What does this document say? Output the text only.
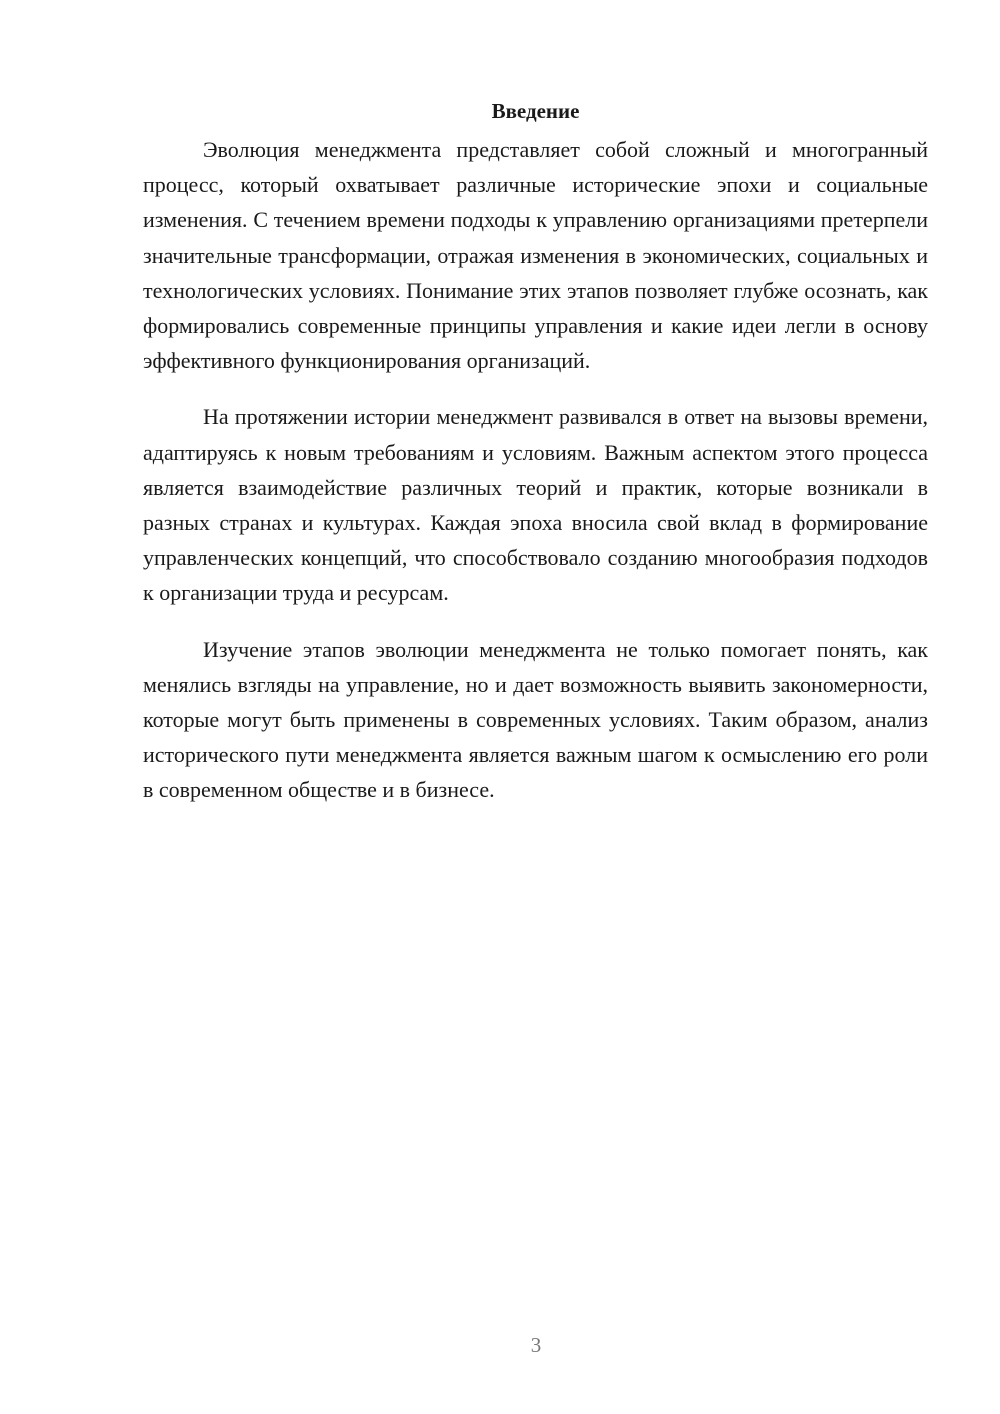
Введение

Эволюция менеджмента представляет собой сложный и многогранный процесс, который охватывает различные исторические эпохи и социальные изменения. С течением времени подходы к управлению организациями претерпели значительные трансформации, отражая изменения в экономических, социальных и технологических условиях. Понимание этих этапов позволяет глубже осознать, как формировались современные принципы управления и какие идеи легли в основу эффективного функционирования организаций.

На протяжении истории менеджмент развивался в ответ на вызовы времени, адаптируясь к новым требованиям и условиям. Важным аспектом этого процесса является взаимодействие различных теорий и практик, которые возникали в разных странах и культурах. Каждая эпоха вносила свой вклад в формирование управленческих концепций, что способствовало созданию многообразия подходов к организации труда и ресурсам.

Изучение этапов эволюции менеджмента не только помогает понять, как менялись взгляды на управление, но и дает возможность выявить закономерности, которые могут быть применены в современных условиях. Таким образом, анализ исторического пути менеджмента является важным шагом к осмыслению его роли в современном обществе и в бизнесе.

3
